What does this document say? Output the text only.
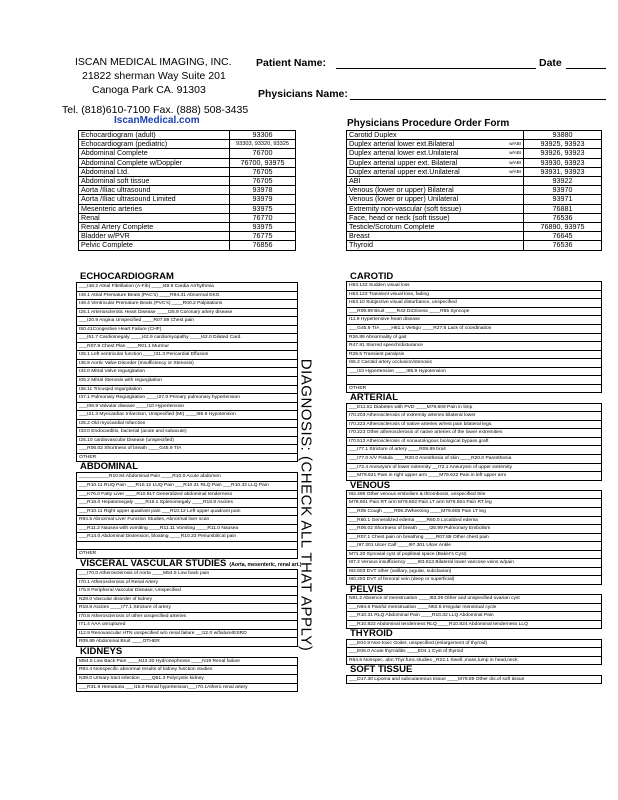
ISCAN MEDICAL IMAGING, INC.
21822 sherman Way Suite 201
Canoga Park CA. 91303
Tel. (818)610-7100 Fax. (888) 508-3435
IscanMedical.com
Patient Name:	Date
Physicians Name:
Physicians Procedure Order Form
Echocardiogram (adult)	93306
Echocardiogram (pediatric)	93303, 93320, 93325
Abdominal Complete	76700
Abdominal Complete w/Doppler	76700, 93975
Abdominal Ltd.	76705
Abdominal soft tissue	76705
Aorta /Iliac ultrasound	93978
Aorta /Iliac ultrasound Limited	93979
Mesenteric arteries	93975
Renal	76770
Renal Artery Complete	93975
Bladder w/PVR	76775
Pelvic Complete	76856
Carotid Duplex	93880
Duplex arterial lower ext.Bilateral w/ABI	93925, 93923
Duplex arterial lower ext.Unilateral w/ABI	93926, 93923
Duplex arterial upper ext. Bilateral w/ABI	93930, 93923
Duplex arterial upper ext.Unilateral w/ABI	93931, 93923
ABI	93922
Venous (lower or upper) Bilateral	93970
Venous (lower or upper) Unilateral	93971
Extremity non-vascular (soft tissue)	76881
Face, head or neck (soft tissue)	76536
Testicle/Scrotum Complete	76890, 93975
Breast	76645
Thyroid	76536
ECHOCARDIOGRAM
___I48.2 Atrial Fibrillation (A-Fib) ____I49.9 Cardia Arrhythmia
I49.1 Atrial Premature Beats (PAC's) ____R94.31 Abnormal EKG
I49.4 Ventricular Premature Beats (PVC's) ____R00.2 Palpitations
I25.1 Arteriosclerotic Heart Disease ____I25.9 Coronary artery disease
___I20.9 Angina Unspecified ____R07.89 Chest pain
I50.41Congestive Heart Failure (CHF)
___I51.7 Cardiomegaly ____I42.9 cardiomyopathy ____I42.0 Dilated Card.
___R07.9 Chest Plan ____R01.1 Murmur
I25.1 Left ventricular function ____I31.3 Pericardial Effusion
I35.9 Aortic Valve Disorder (Insufficiency or Stenosis)
I34.0 Mitral Valve regurgitation
I05.2 Mitral Stenosis with regurgitation
I36.11 Tricuspid regurgitation
I37.1 Pulmonary Regurgitation ____I27.0 Primary pulmonary hypertension
___I08.9 Valvular disease ____I10 Hypertension
___I21.3 Myocardiac Infarction, Unspecified (MI) ____I95.9 Hypotension
I25.2 Old myocardial Infarction
I33.0 Endocarditis, bacterial (acute and subacute)
I25.10 cardiovascular Disease (unspecified)
___R06.02 Shortness of breath ____G45.9 TIA
OTHER
ABDOMINAL
___________R10.84 Abdominal Pain ____R10.0 Acute abdomen
___R10.11 RUQ Pain ___R10.12 LUQ Pain ___R10.31 RLQ Pain ___R10.32 LLQ Pain
___K76.0 Fatty Liver ____R10.817 Generalized abdominal tenderness
___R16.0 Hepatomegaly ____R16.1 Splenomegaly ____R18.8 Ascites
___R10.11 Right upper quadrant pain ___R10.12 Left upper quadrant pain
R94.5 Abnormal Liver Function Studies, Abnormal liver scan
___R11.2 Nausea with vomiting ____R11.11 Vomiting ____R11.0 Nausea
___R14.0 Abdominal Distension, bloating ____R10.33 Periumbilical pain

OTHER
VISCERAL VASCULAR STUDIES (Aorta, mesenteric, renal art.)
___I70.0 Atherosclerosis of Aorta ____M54.5 Low back pain
I70.1 Atherosclerosis of Renal Artery
I75.9 Peripheral Vascular Disease, Unspecified
N28.0 Vascular disorder of kidney
R18.8 Ascites ____I77.1 Stricture of artery
I70.8 Atherosclerosis of other unspecified arteries
I71.4 AAA unruptured
I12.9 Renovascular HTN unspecified w/o renal failure __I12.0 w/failure/ESRD
R09.89 Abdominal Bruit ____OTHER
KIDNEYS
M54.5 Low Back Pain ____N13.30 Hydronephrosis ____N19 Renal failure
R94.4 Nonspecific abnormal results of kidney function studies
N39.0 Urinary tract infection ____Q61.3 Polycystic kidney
___R31.9 Hematuria ___I15.0 Renal hypertension___I70.1Athero renal artery
CAROTID
H53.133 Sudden visual loss
H53.123 Transient visual loss, fading
H53.10 Subjective visual disturbance, unspecified
___R09.89 Bruit ____R42 Dizziness ____R55 Syncope
I11.9 Hypertensive heart disease
___G45.9 TIA ____H81.1 Vertigo ____R27.8 Lack of coordination
R26.89 Abnormality of gait
R47.81 Slurred speech/disturance
R29.5 Transient paralysis
I65.2 Carotid artery occlusion/stenosis
___I10 Hypertension ____I95.9 Hypotension

OTHER
ARTERIAL
___E11.51 Diabetes with PVD ____M79.609 Pain in limp
I70.203 Atherosclerosis of extremity arteries bilateral lower
I70.223 Atherosclerosis of native arteries w/rest pain bilateral legs.
I70.223 Other atherosclerosis of native arteries of the lower extremities
I70.513 Atherosclerosis of nonautologous biological bypass graft
___I77.1 Stricture of artery ____R09.89 bruit
___I77.0 A/V Fistula ____R20.0 Anesthesia of skin ____R20.0 Paresthesia
___I72.4 Aneurysm of lower extremity __I72.1 Aneurysm of upper extremity
___M79.621 Pain in right upper arm ____M79.622 Pain in left upper arm
VENOUS
I82.499 Other venous embolism & thrombosis, unspecified Site
M79.601 Pain RT arm M79.602 Pain LT arm M79.604 Pain RT leg
___R05 Cough ____R06.2Wheezing ____M79.605 Pain LT leg
___R60.1 Generalized edema ____R60.0 Localized edema
___R06.02 Shortness of breath ____I26.99 Pulmonary Embolism
___R07.1 Chest pain on breathing ____R07.89 Other chest pain
___I97.201 Ulcer Calf ____I97.301 Ulcer Ankle
M71.20 Synovial cyst of popliteal space (Baker's Cyst)
I87.2 Venous insufficiency ____I83.813 Bilateral lower varicose veins w/pain
I82.603 DVT other (axillary, jugular, subclavian)
I80.293 DVT of femoral vein (deep or superficial)
PELVIS
N91.2 Absence of menstruation ____I83.29 Other and unspecified ovarian cyst
___N94.6 Painful menstruation ____N92.6 Irregular menstrual cycle
___R10.31 RLQ Abdominal Pain ____R10.32 LLQ Abdominal Pain
___R10.823 Abdominal tenderness RLQ ____R10.824 Abdominal tenderness LLQ
THYROID
___E04.9 Non-toxic Goiter, unspecified (enlargement of thyroid)
___E06.0 Acute thyroiditis ____E04.1 Cyst of thyroid
R94.6 Nonspec. abn.Thyr.func.studies _R22.1 Swell.,mass,lump in head,neck
SOFT TISSUE
___D17.30 Lipoma and subcutaneous tissue ____M79.89 Other dis.of soft tissue
DIAGNOSIS: (CHECK ALL THAT APPLY)
